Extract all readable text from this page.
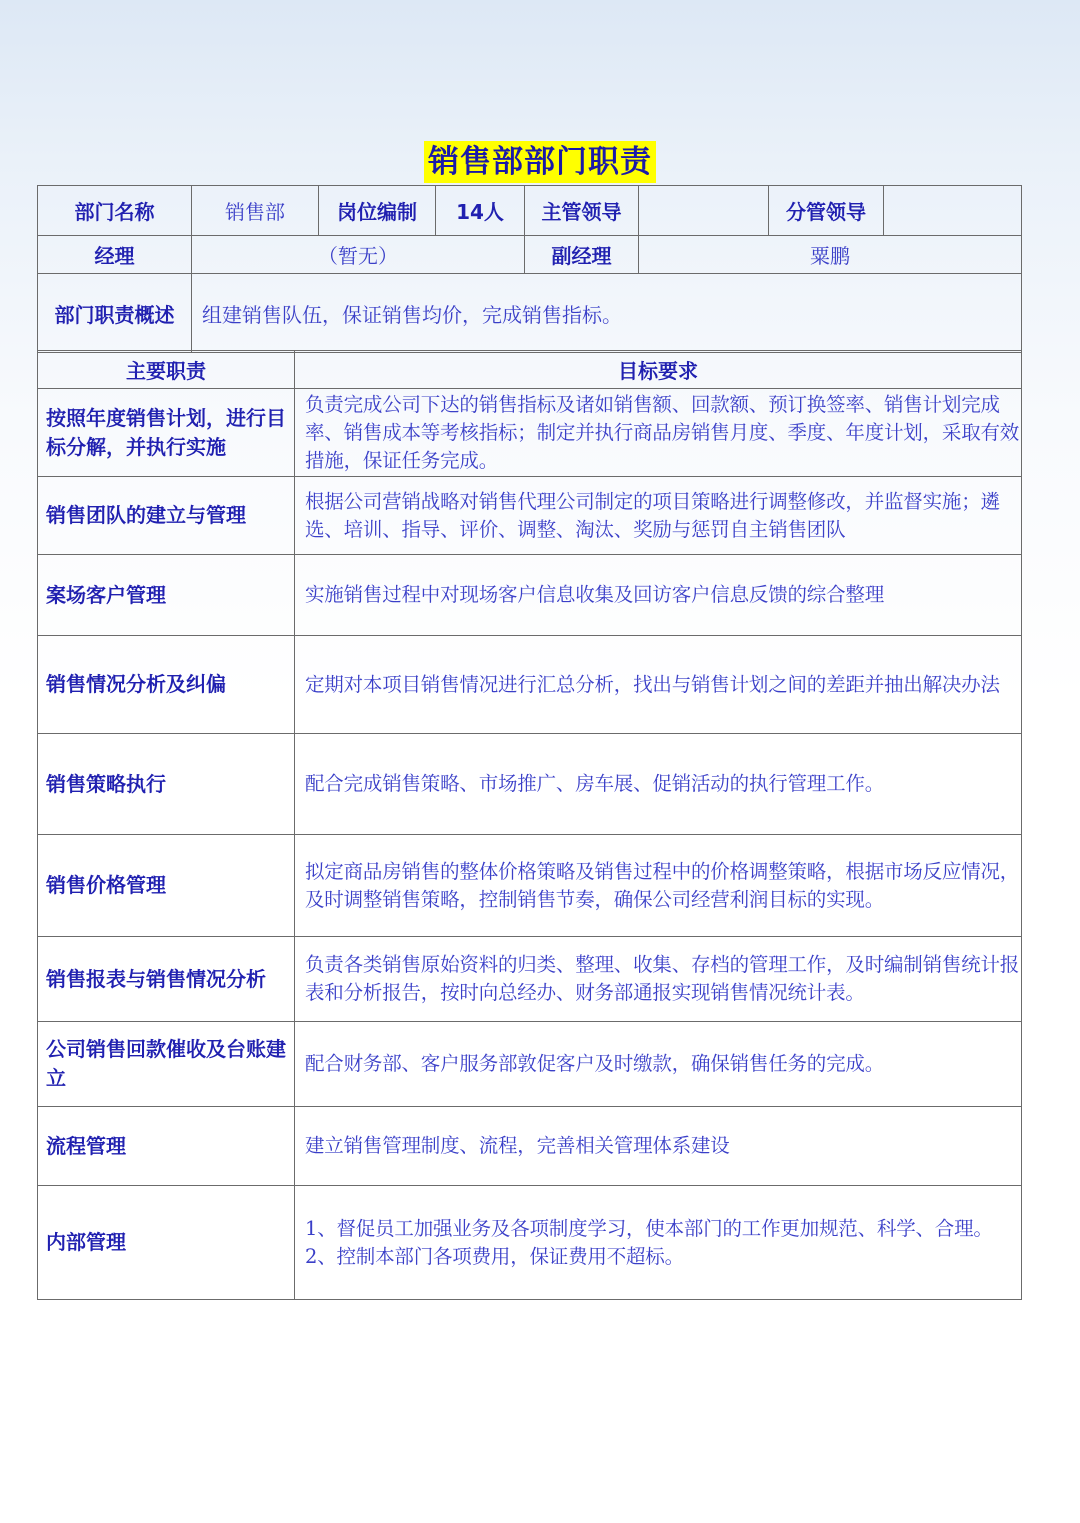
销售部部门职责
部门名称	销售部	岗位编制	14人	主管领导		分管领导	
经理	（暂无）			副经理	粟鹏		
部门职责概述	组建销售队伍，保证销售均价，完成销售指标。						
主要职责	目标要求
按照年度销售计划，进行目标分解，并执行实施	负责完成公司下达的销售指标及诸如销售额、回款额、预订换签率、销售计划完成率、销售成本等考核指标；制定并执行商品房销售月度、季度、年度计划，采取有效措施，保证任务完成。

销售团队的建立与管理	根据公司营销战略对销售代理公司制定的项目策略进行调整修改，并监督实施；遴选、培训、指导、评价、调整、淘汰、奖励与惩罚自主销售团队

案场客户管理	实施销售过程中对现场客户信息收集及回访客户信息反馈的综合整理

销售情况分析及纠偏	定期对本项目销售情况进行汇总分析，找出与销售计划之间的差距并抽出解决办法

销售策略执行	配合完成销售策略、市场推广、房车展、促销活动的执行管理工作。

销售价格管理	拟定商品房销售的整体价格策略及销售过程中的价格调整策略，根据市场反应情况，及时调整销售策略，控制销售节奏，确保公司经营利润目标的实现。

销售报表与销售情况分析	负责各类销售原始资料的归类、整理、收集、存档的管理工作，及时编制销售统计报表和分析报告，按时向总经办、财务部通报实现销售情况统计表。

公司销售回款催收及台账建立	配合财务部、客户服务部敦促客户及时缴款，确保销售任务的完成。

流程管理	建立销售管理制度、流程，完善相关管理体系建设

内部管理	1、督促员工加强业务及各项制度学习，使本部门的工作更加规范、科学、合理。

2、控制本部门各项费用，保证费用不超标。
